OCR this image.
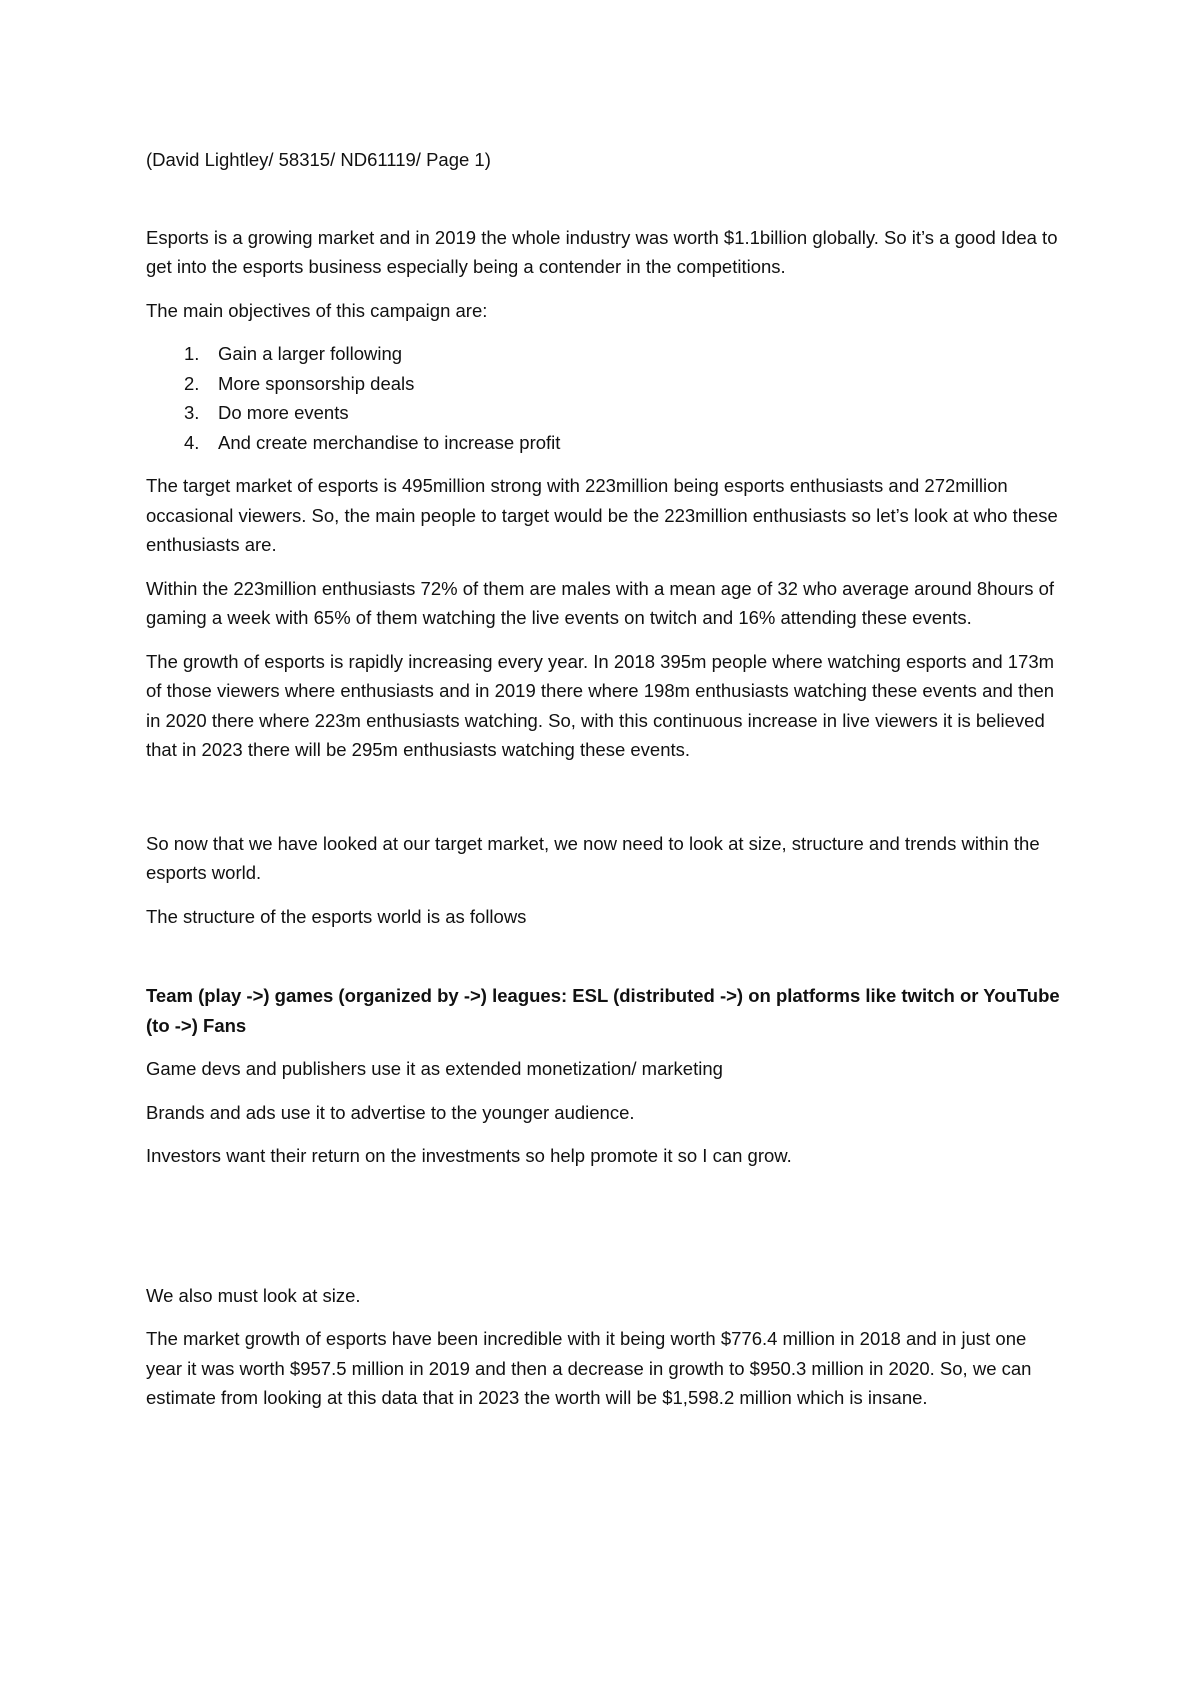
(David Lightley/ 58315/ ND61119/ Page 1)

Esports is a growing market and in 2019 the whole industry was worth $1.1billion globally. So it’s a good Idea to get into the esports business especially being a contender in the competitions.

The main objectives of this campaign are:

1. Gain a larger following
2. More sponsorship deals
3. Do more events
4. And create merchandise to increase profit

The target market of esports is 495million strong with 223million being esports enthusiasts and 272million occasional viewers. So, the main people to target would be the 223million enthusiasts so let’s look at who these enthusiasts are.

Within the 223million enthusiasts 72% of them are males with a mean age of 32 who average around 8hours of gaming a week with 65% of them watching the live events on twitch and 16% attending these events.

The growth of esports is rapidly increasing every year. In 2018 395m people where watching esports and 173m of those viewers where enthusiasts and in 2019 there where 198m enthusiasts watching these events and then in 2020 there where 223m enthusiasts watching. So, with this continuous increase in live viewers it is believed that in 2023 there will be 295m enthusiasts watching these events.

So now that we have looked at our target market, we now need to look at size, structure and trends within the esports world.

The structure of the esports world is as follows

Team (play ->) games (organized by ->) leagues: ESL (distributed ->) on platforms like twitch or YouTube (to ->) Fans

Game devs and publishers use it as extended monetization/ marketing

Brands and ads use it to advertise to the younger audience.

Investors want their return on the investments so help promote it so I can grow.

We also must look at size.

The market growth of esports have been incredible with it being worth $776.4 million in 2018 and in just one year it was worth $957.5 million in 2019 and then a decrease in growth to $950.3 million in 2020. So, we can estimate from looking at this data that in 2023 the worth will be $1,598.2 million which is insane.
